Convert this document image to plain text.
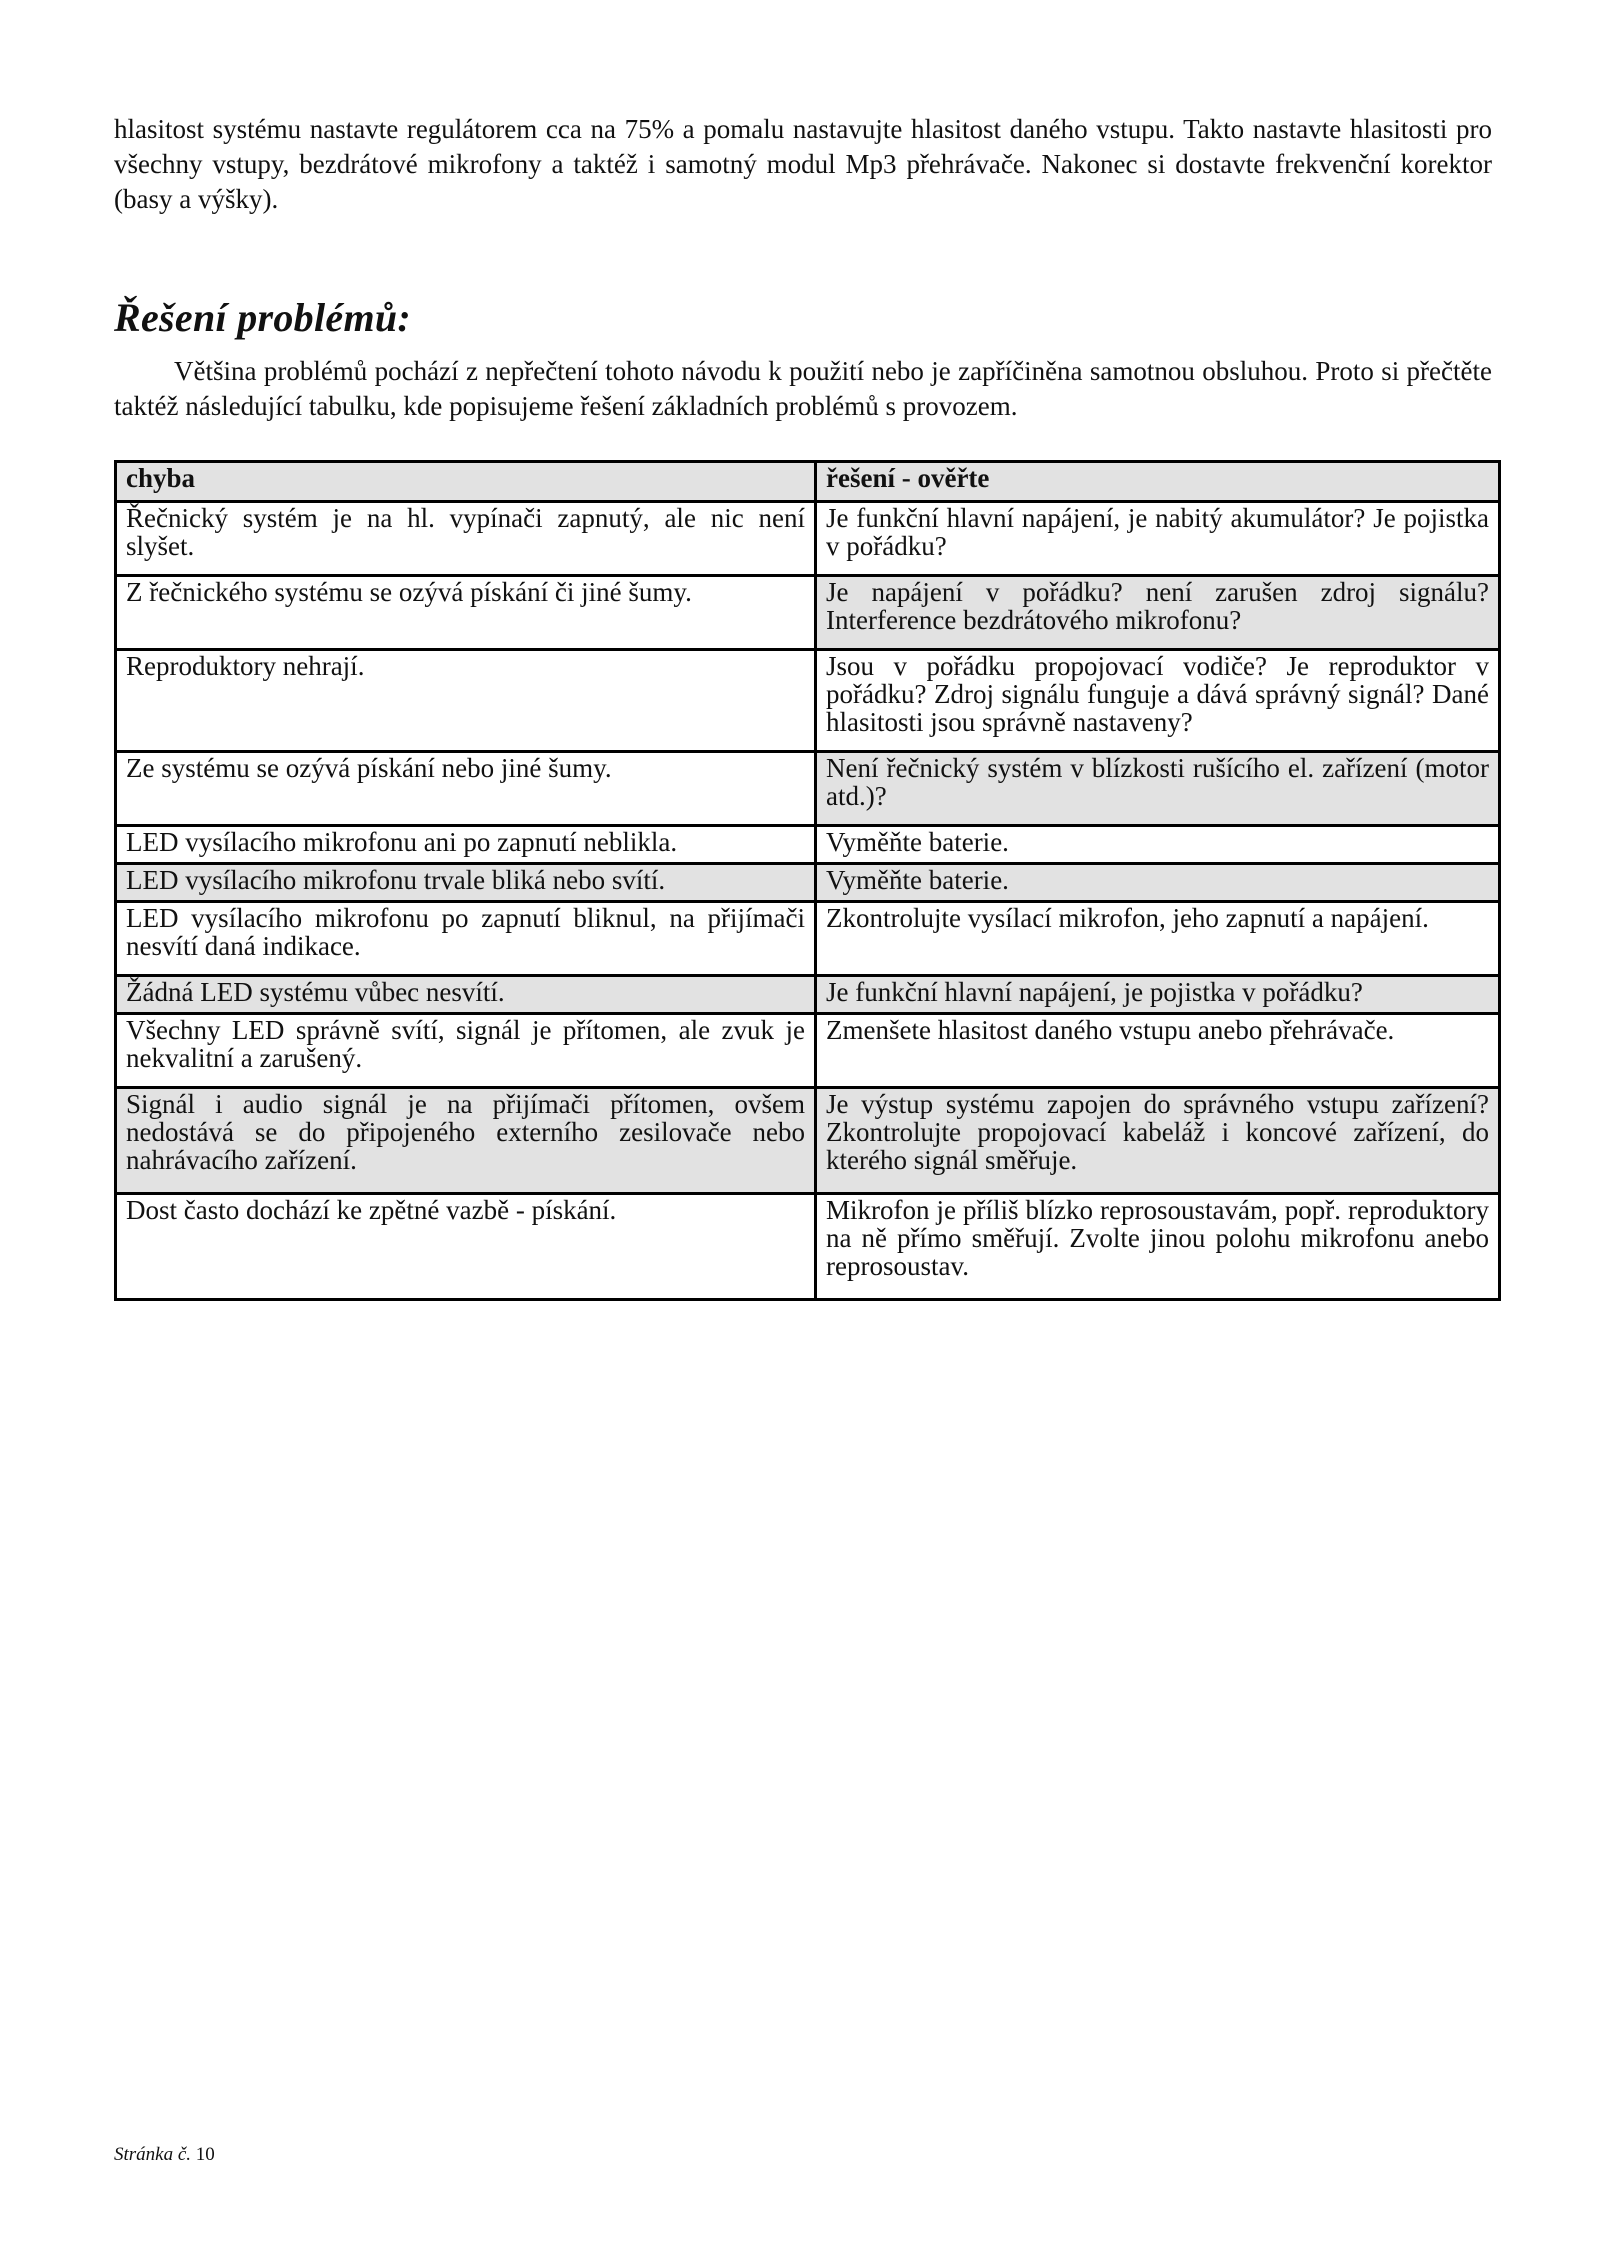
hlasitost systému nastavte regulátorem cca na 75% a pomalu nastavujte hlasitost daného vstupu. Takto nastavte hlasitosti pro všechny vstupy, bezdrátové mikrofony a taktéž i samotný modul Mp3 přehrávače. Nakonec si dostavte frekvenční korektor (basy a výšky).

Řešení problémů:

Většina problémů pochází z nepřečtení tohoto návodu k použití nebo je zapříčiněna samotnou obsluhou. Proto si přečtěte taktéž následující tabulku, kde popisujeme řešení základních problémů s provozem.

chyba	řešení - ověřte
Řečnický systém je na hl. vypínači zapnutý, ale nic není slyšet.	Je funkční hlavní napájení, je nabitý akumulátor? Je pojistka v pořádku?
Z řečnického systému se ozývá pískání či jiné šumy.	Je napájení v pořádku? není zarušen zdroj signálu? Interference bezdrátového mikrofonu?
Reproduktory nehrají.	Jsou v pořádku propojovací vodiče? Je reproduktor v pořádku? Zdroj signálu funguje a dává správný signál? Dané hlasitosti jsou správně nastaveny?
Ze systému se ozývá pískání nebo jiné šumy.	Není řečnický systém v blízkosti rušícího el. zařízení (motor atd.)?
LED vysílacího mikrofonu ani po zapnutí neblikla.	Vyměňte baterie.
LED vysílacího mikrofonu trvale bliká nebo svítí.	Vyměňte baterie.
LED vysílacího mikrofonu po zapnutí bliknul, na přijímači nesvítí daná indikace.	Zkontrolujte vysílací mikrofon, jeho zapnutí a napájení.
Žádná LED systému vůbec nesvítí.	Je funkční hlavní napájení, je pojistka v pořádku?
Všechny LED správně svítí, signál je přítomen, ale zvuk je nekvalitní a zarušený.	Zmenšete hlasitost daného vstupu anebo přehrávače.
Signál i audio signál je na přijímači přítomen, ovšem nedostává se do připojeného externího zesilovače nebo nahrávacího zařízení.	Je výstup systému zapojen do správného vstupu zařízení? Zkontrolujte propojovací kabeláž i koncové zařízení, do kterého signál směřuje.
Dost často dochází ke zpětné vazbě - pískání.	Mikrofon je příliš blízko reprosoustavám, popř. reproduktory na ně přímo směřují. Zvolte jinou polohu mikrofonu anebo reprosoustav.

Stránka č. 10
